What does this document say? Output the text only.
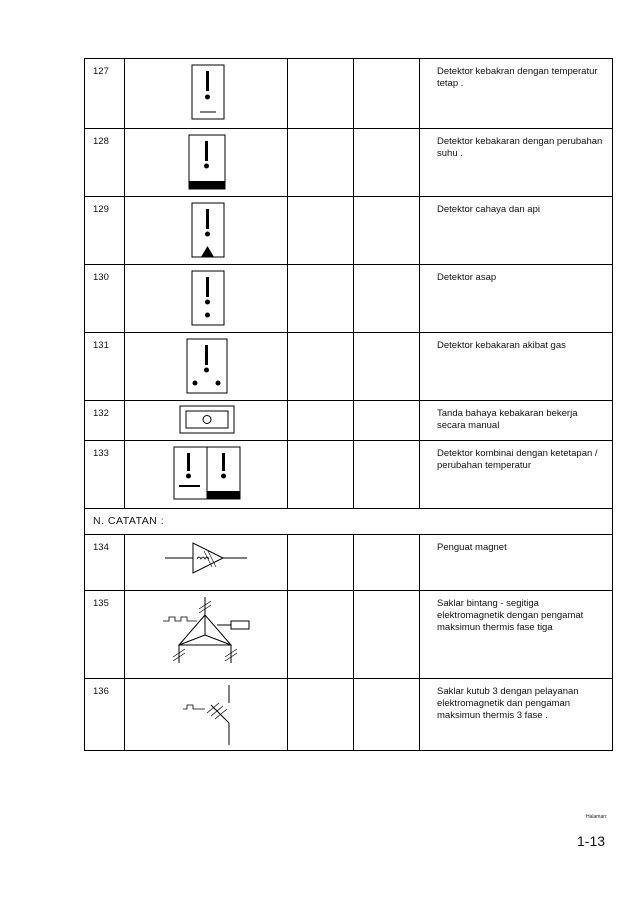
127				Detektor kebakran dengan temperatur tetap .
128				Detektor kebakaran dengan perubahan suhu .
129				Detektor cahaya dan api
130				Detektor asap
131				Detektor kebakaran akibat gas
132				Tanda bahaya kebakaran bekerja secara manual
133				Detektor kombinai dengan ketetapan / perubahan temperatur
N. CATATAN :				
134				Penguat magnet
135				Saklar bintang - segitiga elektromagnetik dengan pengamat maksimun thermis fase tiga
136				Saklar kutub 3 dengan pelayanan elektromagnetik dan pengaman maksimun thermis 3 fase .
Halaman:
1-13
